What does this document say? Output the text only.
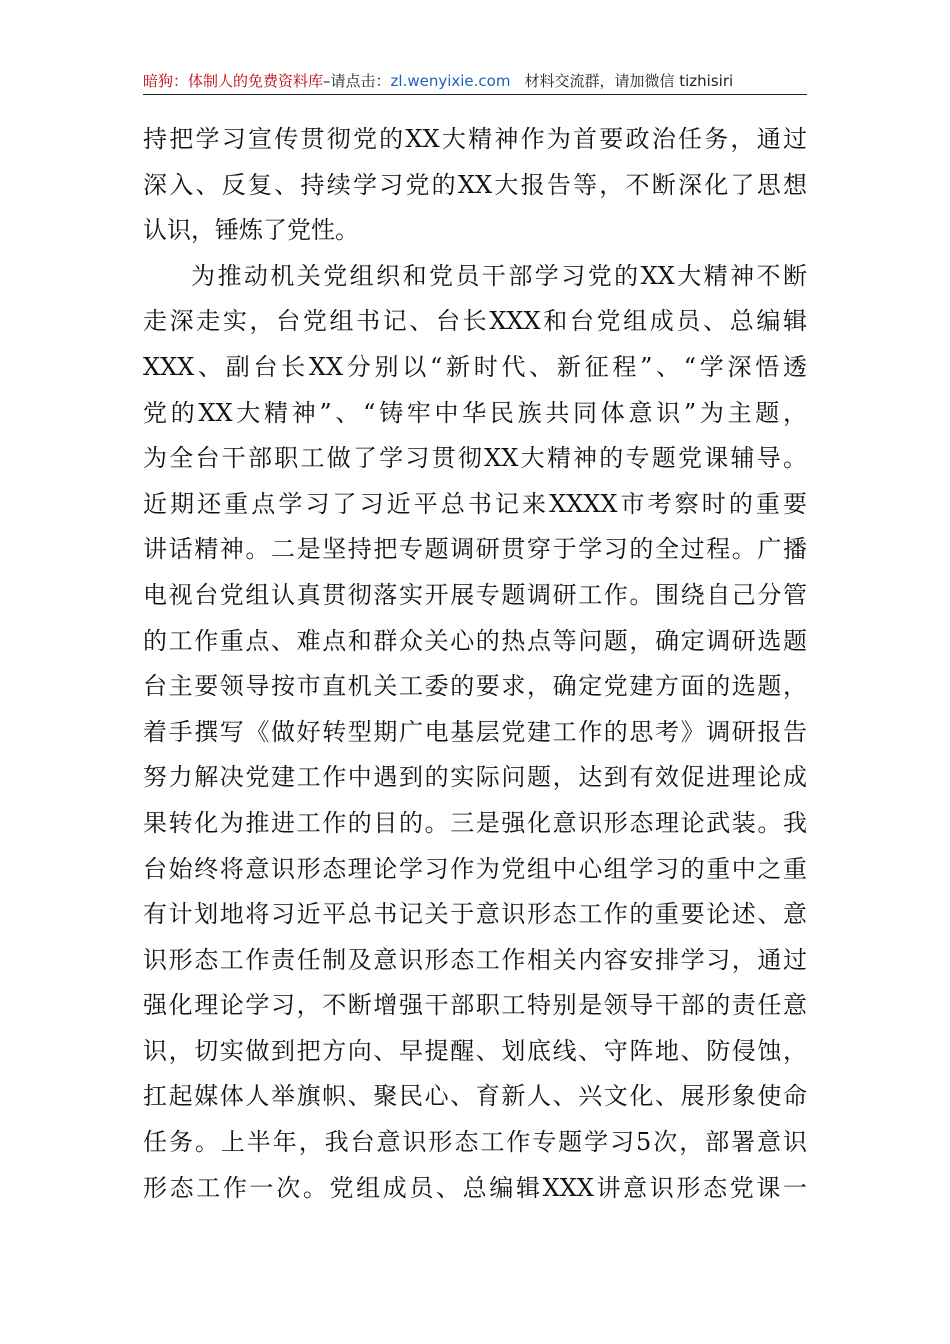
暗狗：体制人的免费资料库–请点击：zl.wenyixie.com 材料交流群，请加微信 tizhisiri
持把学习宣传贯彻党的XX大精神作为首要政治任务，通过
深入、反复、持续学习党的XX大报告等，不断深化了思想
认识，锤炼了党性。
为推动机关党组织和党员干部学习党的XX大精神不断
走深走实，台党组书记、台长XXX和台党组成员、总编辑
XXX、副台长XX分别以“新时代、新征程”、“学深悟透
党的XX大精神”、“铸牢中华民族共同体意识”为主题，
为全台干部职工做了学习贯彻XX大精神的专题党课辅导。
近期还重点学习了习近平总书记来XXXX市考察时的重要
讲话精神。二是坚持把专题调研贯穿于学习的全过程。广播
电视台党组认真贯彻落实开展专题调研工作。围绕自己分管
的工作重点、难点和群众关心的热点等问题，确定调研选题
台主要领导按市直机关工委的要求，确定党建方面的选题，
着手撰写《做好转型期广电基层党建工作的思考》调研报告
努力解决党建工作中遇到的实际问题，达到有效促进理论成
果转化为推进工作的目的。三是强化意识形态理论武装。我
台始终将意识形态理论学习作为党组中心组学习的重中之重
有计划地将习近平总书记关于意识形态工作的重要论述、意
识形态工作责任制及意识形态工作相关内容安排学习，通过
强化理论学习，不断增强干部职工特别是领导干部的责任意
识，切实做到把方向、早提醒、划底线、守阵地、防侵蚀，
扛起媒体人举旗帜、聚民心、育新人、兴文化、展形象使命
任务。上半年，我台意识形态工作专题学习5次，部署意识
形态工作一次。党组成员、总编辑XXX讲意识形态党课一
